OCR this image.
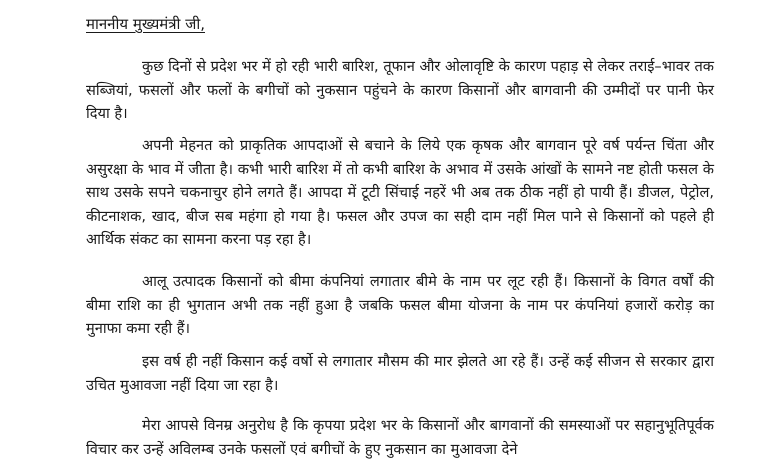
माननीय मुख्यमंत्री जी,

कुछ दिनों से प्रदेश भर में हो रही भारी बारिश, तूफान और ओलावृष्टि के कारण पहाड़ से लेकर तराई–भावर तक सब्जियां, फसलों और फलों के बगीचों को नुकसान पहुंचने के कारण किसानों और बागवानी की उम्मीदों पर पानी फेर दिया है।

अपनी मेहनत को प्राकृतिक आपदाओं से बचाने के लिये एक कृषक और बागवान पूरे वर्ष पर्यन्त चिंता और असुरक्षा के भाव में जीता है। कभी भारी बारिश में तो कभी बारिश के अभाव में उसके आंखों के सामने नष्ट होती फसल के साथ उसके सपने चकनाचुर होने लगते हैं। आपदा में टूटी सिंचाई नहरें भी अब तक ठीक नहीं हो पायी हैं। डीजल, पेट्रोल, कीटनाशक, खाद, बीज सब महंगा हो गया है। फसल और उपज का सही दाम नहीं मिल पाने से किसानों को पहले ही आर्थिक संकट का सामना करना पड़ रहा है।

आलू उत्पादक किसानों को बीमा कंपनियां लगातार बीमे के नाम पर लूट रही हैं। किसानों के विगत वर्षों की बीमा राशि का ही भुगतान अभी तक नहीं हुआ है जबकि फसल बीमा योजना के नाम पर कंपनियां हजारों करोड़ का मुनाफा कमा रही हैं।

इस वर्ष ही नहीं किसान कई वर्षो से लगातार मौसम की मार झेलते आ रहे हैं। उन्हें कई सीजन से सरकार द्वारा उचित मुआवजा नहीं दिया जा रहा है।

मेरा आपसे विनम्र अनुरोध है कि कृपया प्रदेश भर के किसानों और बागवानों की समस्याओं पर सहानुभूतिपूर्वक विचार कर उन्हें अविलम्ब उनके फसलों एवं बगीचों के हुए नुकसान का मुआवजा देने
